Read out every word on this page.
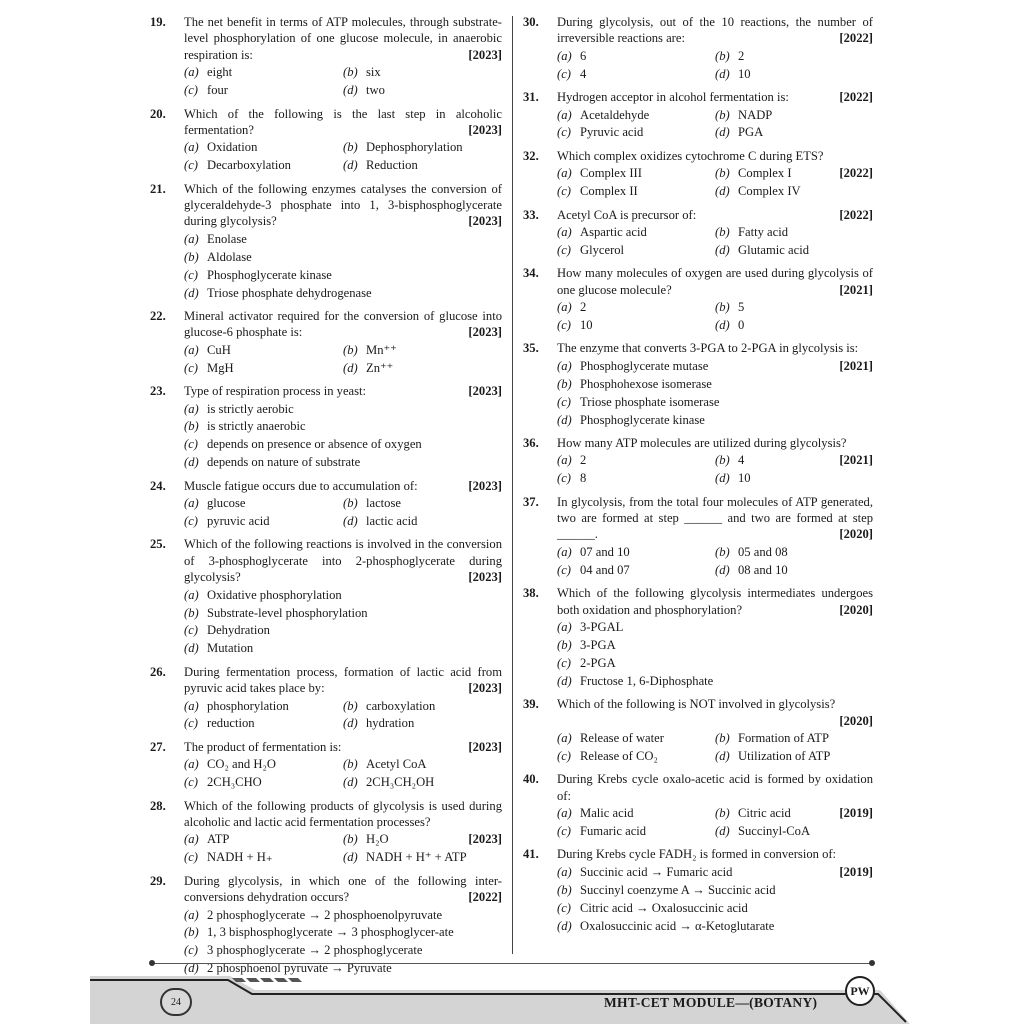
19.	The net benefit in terms of ATP molecules, through substrate-level phosphorylation of one glucose molecule, in anaerobic respiration is:	[2023]
(a) eight	(b) six
(c) four	(d) two
20.	Which of the following is the last step in alcoholic fermentation?	[2023]
(a) Oxidation	(b) Dephosphorylation
(c) Decarboxylation	(d) Reduction
21.	Which of the following enzymes catalyses the conversion of glyceraldehyde-3 phosphate into 1, 3-bisphosphoglycerate during glycolysis?	[2023]
(a) Enolase
(b) Aldolase
(c) Phosphoglycerate kinase
(d) Triose phosphate dehydrogenase
22.	Mineral activator required for the conversion of glucose into glucose-6 phosphate is:	[2023]
(a) CuH	(b) Mn⁺⁺
(c) MgH	(d) Zn⁺⁺
23.	Type of respiration process in yeast:	[2023]
(a) is strictly aerobic
(b) is strictly anaerobic
(c) depends on presence or absence of oxygen
(d) depends on nature of substrate
24.	Muscle fatigue occurs due to accumulation of:	[2023]
(a) glucose	(b) lactose
(c) pyruvic acid	(d) lactic acid
25.	Which of the following reactions is involved in the conversion of 3-phosphoglycerate into 2-phosphoglycerate during glycolysis?	[2023]
(a) Oxidative phosphorylation
(b) Substrate-level phosphorylation
(c) Dehydration
(d) Mutation
26.	During fermentation process, formation of lactic acid from pyruvic acid takes place by:	[2023]
(a) phosphorylation	(b) carboxylation
(c) reduction	(d) hydration
27.	The product of fermentation is:	[2023]
(a) CO₂ and H₂O	(b) Acetyl CoA
(c) 2CH₃CHO	(d) 2CH₃CH₂OH
28.	Which of the following products of glycolysis is used during alcoholic and lactic acid fermentation processes?
(a) ATP	(b) H₂O	[2023]
(c) NADH + H₊	(d) NADH + H⁺ + ATP
29.	During glycolysis, in which one of the following inter-conversions dehydration occurs?	[2022]
(a) 2 phosphoglycerate → 2 phosphoenolpyruvate
(b) 1, 3 bisphosphoglycerate → 3 phosphoglycer-ate
(c) 3 phosphoglycerate → 2 phosphoglycerate
(d) 2 phosphoenol pyruvate → Pyruvate
30.	During glycolysis, out of the 10 reactions, the number of irreversible reactions are:	[2022]
(a) 6	(b) 2
(c) 4	(d) 10
31.	Hydrogen acceptor in alcohol fermentation is:	[2022]
(a) Acetaldehyde	(b) NADP
(c) Pyruvic acid	(d) PGA
32.	Which complex oxidizes cytochrome C during ETS?
(a) Complex III	(b) Complex I	[2022]
(c) Complex II	(d) Complex IV
33.	Acetyl CoA is precursor of:	[2022]
(a) Aspartic acid	(b) Fatty acid
(c) Glycerol	(d) Glutamic acid
34.	How many molecules of oxygen are used during glycolysis of one glucose molecule?	[2021]
(a) 2	(b) 5
(c) 10	(d) 0
35.	The enzyme that converts 3-PGA to 2-PGA in glycolysis is:
(a) Phosphoglycerate mutase	[2021]
(b) Phosphohexose isomerase
(c) Triose phosphate isomerase
(d) Phosphoglycerate kinase
36.	How many ATP molecules are utilized during glycolysis?
(a) 2	(b) 4	[2021]
(c) 8	(d) 10
37.	In glycolysis, from the total four molecules of ATP generated, two are formed at step ______ and two are formed at step ______.	[2020]
(a) 07 and 10	(b) 05 and 08
(c) 04 and 07	(d) 08 and 10
38.	Which of the following glycolysis intermediates undergoes both oxidation and phosphorylation?	[2020]
(a) 3-PGAL
(b) 3-PGA
(c) 2-PGA
(d) Fructose 1, 6-Diphosphate
39.	Which of the following is NOT involved in glycolysis?
[2020]
(a) Release of water	(b) Formation of ATP
(c) Release of CO₂	(d) Utilization of ATP
40.	During Krebs cycle oxalo-acetic acid is formed by oxidation of:
(a) Malic acid	(b) Citric acid	[2019]
(c) Fumaric acid	(d) Succinyl-CoA
41.	During Krebs cycle FADH₂ is formed in conversion of:
(a) Succinic acid → Fumaric acid	[2019]
(b) Succinyl coenzyme A → Succinic acid
(c) Citric acid → Oxalosuccinic acid
(d) Oxalosuccinic acid → α-Ketoglutarate
24	MHT-CET MODULE—(BOTANY)
PW
